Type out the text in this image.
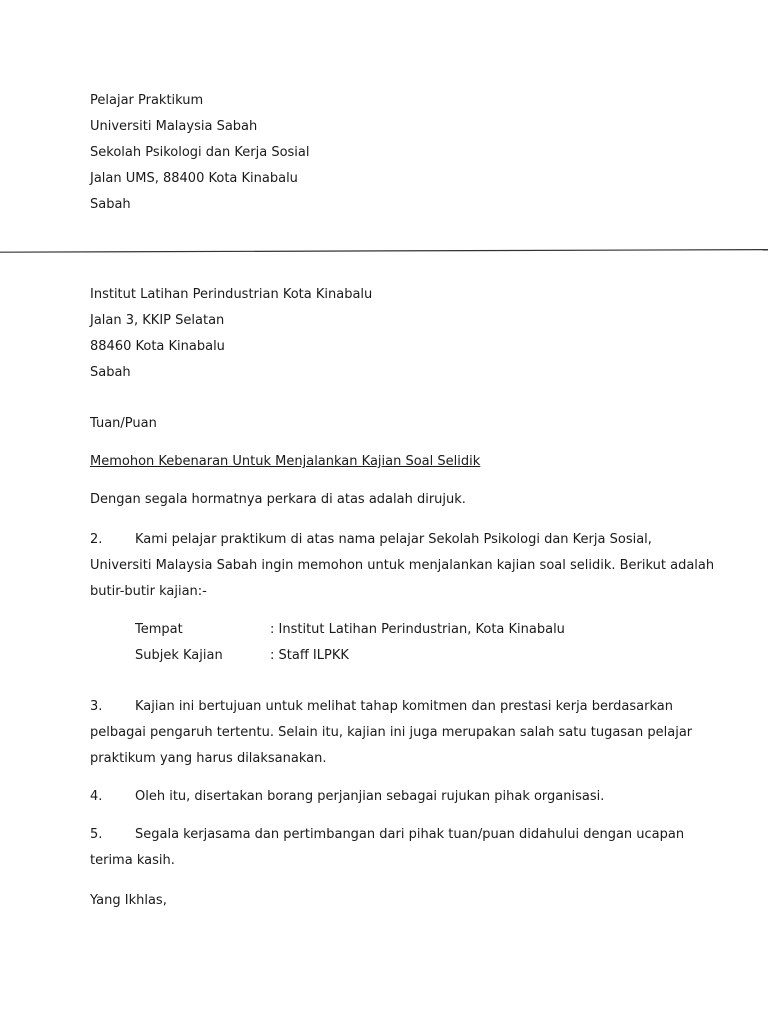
Pelajar Praktikum
Universiti Malaysia Sabah
Sekolah Psikologi dan Kerja Sosial
Jalan UMS, 88400 Kota Kinabalu
Sabah
Institut Latihan Perindustrian Kota Kinabalu
Jalan 3, KKIP Selatan
88460 Kota Kinabalu
Sabah
Tuan/Puan
Memohon Kebenaran Untuk Menjalankan Kajian Soal Selidik
Dengan segala hormatnya perkara di atas adalah dirujuk.
2.	Kami pelajar praktikum di atas nama pelajar Sekolah Psikologi dan Kerja Sosial,
Universiti Malaysia Sabah ingin memohon untuk menjalankan kajian soal selidik. Berikut adalah
butir-butir kajian:-
Tempat	: Institut Latihan Perindustrian, Kota Kinabalu
Subjek Kajian	: Staff ILPKK
3.	Kajian ini bertujuan untuk melihat tahap komitmen dan prestasi kerja berdasarkan
pelbagai pengaruh tertentu. Selain itu, kajian ini juga merupakan salah satu tugasan pelajar
praktikum yang harus dilaksanakan.
4.	Oleh itu, disertakan borang perjanjian sebagai rujukan pihak organisasi.
5.	Segala kerjasama dan pertimbangan dari pihak tuan/puan didahului dengan ucapan
terima kasih.
Yang Ikhlas,
